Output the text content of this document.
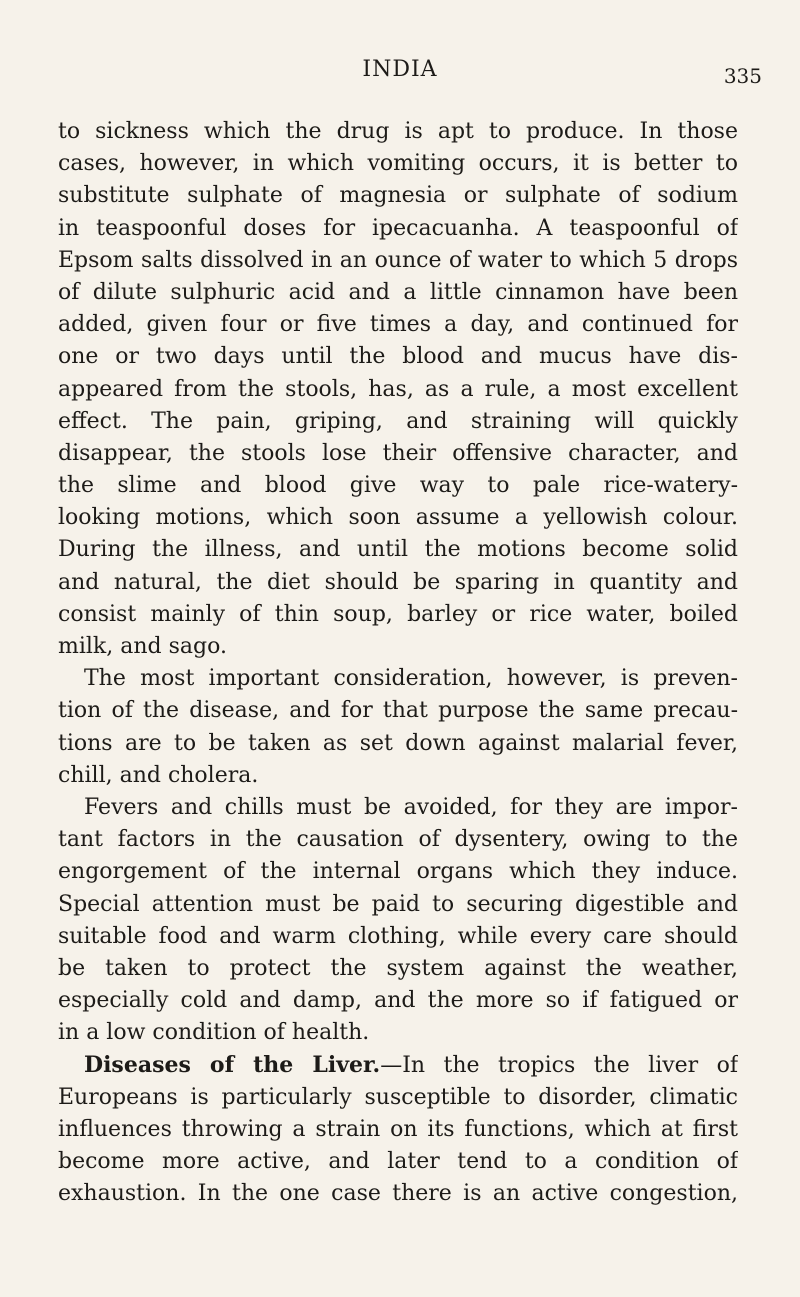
INDIA	335

to sickness which the drug is apt to produce. In those
cases, however, in which vomiting occurs, it is better to
substitute sulphate of magnesia or sulphate of sodium
in teaspoonful doses for ipecacuanha. A teaspoonful of
Epsom salts dissolved in an ounce of water to which 5 drops
of dilute sulphuric acid and a little cinnamon have been
added, given four or five times a day, and continued for
one or two days until the blood and mucus have dis-
appeared from the stools, has, as a rule, a most excellent
effect. The pain, griping, and straining will quickly
disappear, the stools lose their offensive character, and
the slime and blood give way to pale rice-watery-
looking motions, which soon assume a yellowish colour.
During the illness, and until the motions become solid
and natural, the diet should be sparing in quantity and
consist mainly of thin soup, barley or rice water, boiled
milk, and sago.

The most important consideration, however, is preven-
tion of the disease, and for that purpose the same precau-
tions are to be taken as set down against malarial fever,
chill, and cholera.

Fevers and chills must be avoided, for they are impor-
tant factors in the causation of dysentery, owing to the
engorgement of the internal organs which they induce.
Special attention must be paid to securing digestible and
suitable food and warm clothing, while every care should
be taken to protect the system against the weather,
especially cold and damp, and the more so if fatigued or
in a low condition of health.

Diseases of the Liver.—In the tropics the liver of
Europeans is particularly susceptible to disorder, climatic
influences throwing a strain on its functions, which at first
become more active, and later tend to a condition of
exhaustion. In the one case there is an active congestion,
